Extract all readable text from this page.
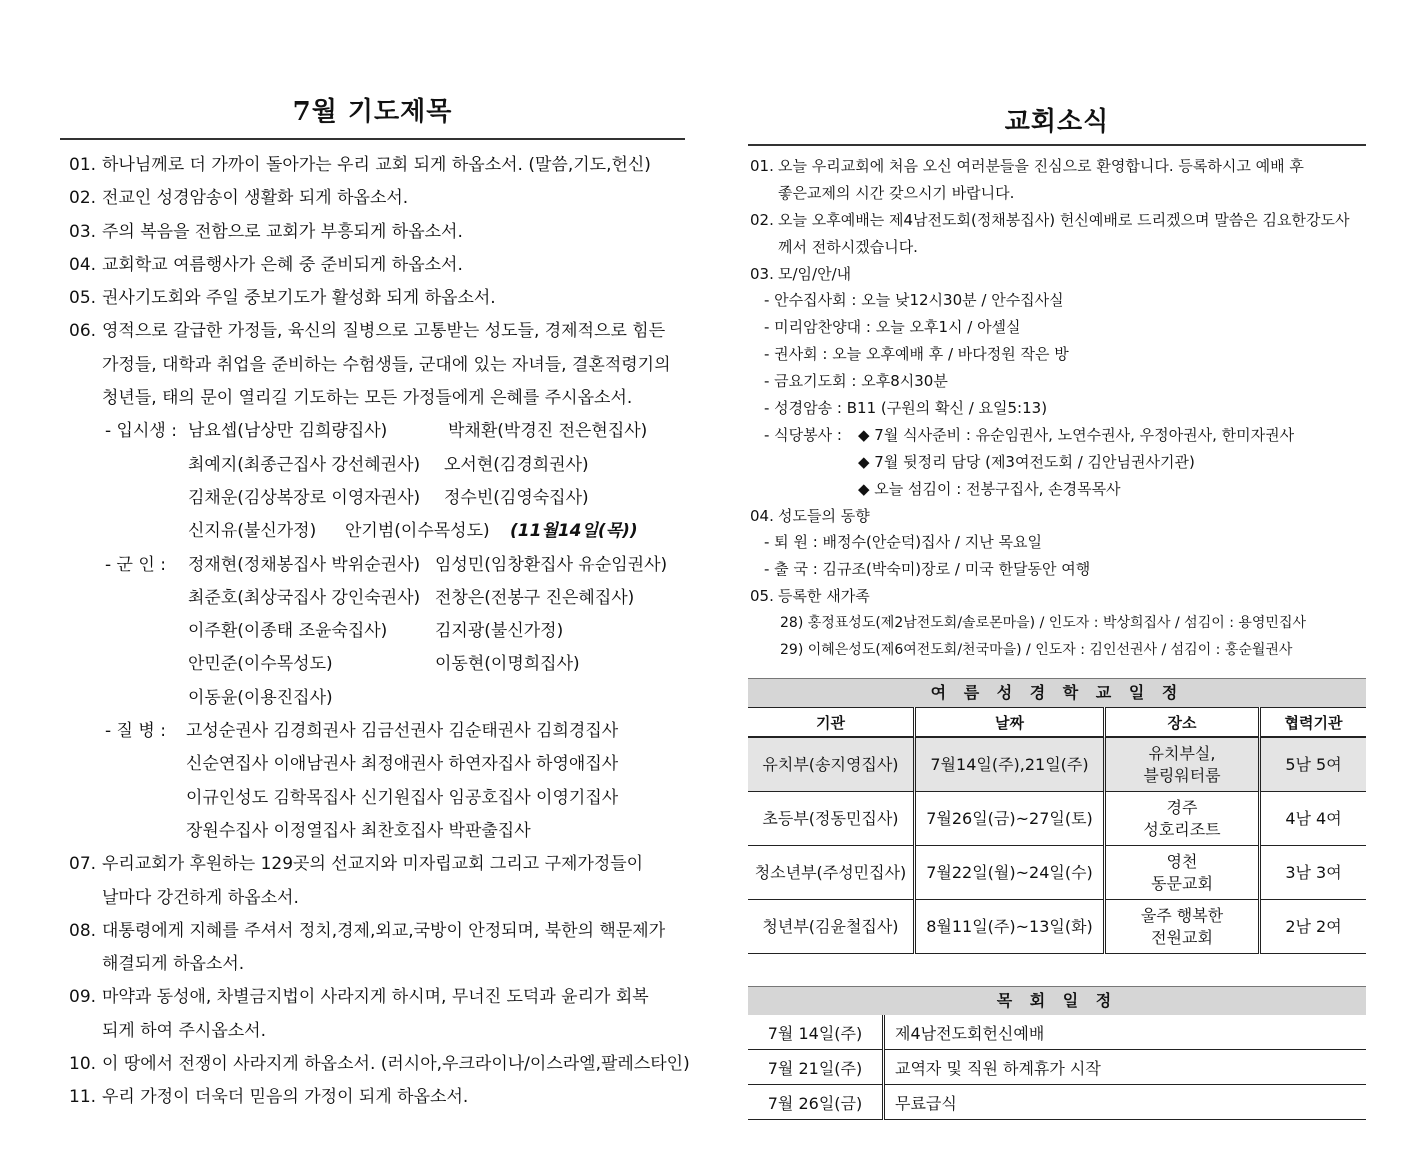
7월 기도제목
01. 하나님께로 더 가까이 돌아가는 우리 교회 되게 하옵소서. (말씀,기도,헌신)
02. 전교인 성경암송이 생활화 되게 하옵소서.
03. 주의 복음을 전함으로 교회가 부흥되게 하옵소서.
04. 교회학교 여름행사가 은혜 중 준비되게 하옵소서.
05. 권사기도회와 주일 중보기도가 활성화 되게 하옵소서.
06. 영적으로 갈급한 가정들, 육신의 질병으로 고통받는 성도들, 경제적으로 힘든
가정들, 대학과 취업을 준비하는 수험생들, 군대에 있는 자녀들, 결혼적령기의
청년들, 태의 문이 열리길 기도하는 모든 가정들에게 은혜를 주시옵소서.
- 입시생 : 남요셉(남상만 김희량집사)	박채환(박경진 전은현집사)
최예지(최종근집사 강선혜권사) 오서현(김경희권사)
김채운(김상복장로 이영자권사) 정수빈(김영숙집사)
신지유(불신가정) 안기범(이수목성도) (11월14일(목))
- 군 인 : 정재현(정채봉집사 박위순권사) 임성민(임창환집사 유순임권사)
최준호(최상국집사 강인숙권사) 전창은(전봉구 진은혜집사)
이주환(이종태 조윤숙집사)	김지광(불신가정)
안민준(이수목성도)	이동현(이명희집사)
이동윤(이용진집사)
- 질 병 : 고성순권사 김경희권사 김금선권사 김순태권사 김희경집사
신순연집사 이애남권사 최정애권사 하연자집사 하영애집사
이규인성도 김학목집사 신기원집사 임공호집사 이영기집사
장원수집사 이정열집사 최찬호집사 박판출집사
07. 우리교회가 후원하는 129곳의 선교지와 미자립교회 그리고 구제가정들이
날마다 강건하게 하옵소서.
08. 대통령에게 지혜를 주셔서 정치,경제,외교,국방이 안정되며, 북한의 핵문제가
해결되게 하옵소서.
09. 마약과 동성애, 차별금지법이 사라지게 하시며, 무너진 도덕과 윤리가 회복
되게 하여 주시옵소서.
10. 이 땅에서 전쟁이 사라지게 하옵소서. (러시아,우크라이나/이스라엘,팔레스타인)
11. 우리 가정이 더욱더 믿음의 가정이 되게 하옵소서.
교회소식
01. 오늘 우리교회에 처음 오신 여러분들을 진심으로 환영합니다. 등록하시고 예배 후
좋은교제의 시간 갖으시기 바랍니다.
02. 오늘 오후예배는 제4남전도회(정채봉집사) 헌신예배로 드리겠으며 말씀은 김요한강도사
께서 전하시겠습니다.
03. 모/임/안/내
- 안수집사회 : 오늘 낮12시30분 / 안수집사실
- 미리암찬양대 : 오늘 오후1시 / 아셀실
- 권사회 : 오늘 오후예배 후 / 바다정원 작은 방
- 금요기도회 : 오후8시30분
- 성경암송 : B11 (구원의 확신 / 요일5:13)
- 식당봉사 : ◆ 7월 식사준비 : 유순임권사, 노연수권사, 우정아권사, 한미자권사
◆ 7월 뒷정리 담당 (제3여전도회 / 김안님권사기관)
◆ 오늘 섬김이 : 전봉구집사, 손경목목사
04. 성도들의 동향
- 퇴 원 : 배정수(안순덕)집사 / 지난 목요일
- 출 국 : 김규조(박숙미)장로 / 미국 한달동안 여행
05. 등록한 새가족
28) 홍정표성도(제2남전도회/솔로몬마을) / 인도자 : 박상희집사 / 섬김이 : 용영민집사
29) 이혜은성도(제6여전도회/천국마을) / 인도자 : 김인선권사 / 섬김이 : 홍순월권사
여 름 성 경 학 교 일 정
기관	날짜	장소	협력기관
유치부(송지영집사)	7월14일(주),21일(주)	유치부실,
블링워터룸	5남 5여
초등부(정동민집사)	7월26일(금)~27일(토)	경주
성호리조트	4남 4여
청소년부(주성민집사)	7월22일(월)~24일(수)	영천
동문교회	3남 3여
청년부(김윤철집사)	8월11일(주)~13일(화)	울주 행복한
전원교회	2남 2여
목 회 일 정
7월 14일(주)	제4남전도회헌신예배
7월 21일(주)	교역자 및 직원 하계휴가 시작
7월 26일(금)	무료급식
